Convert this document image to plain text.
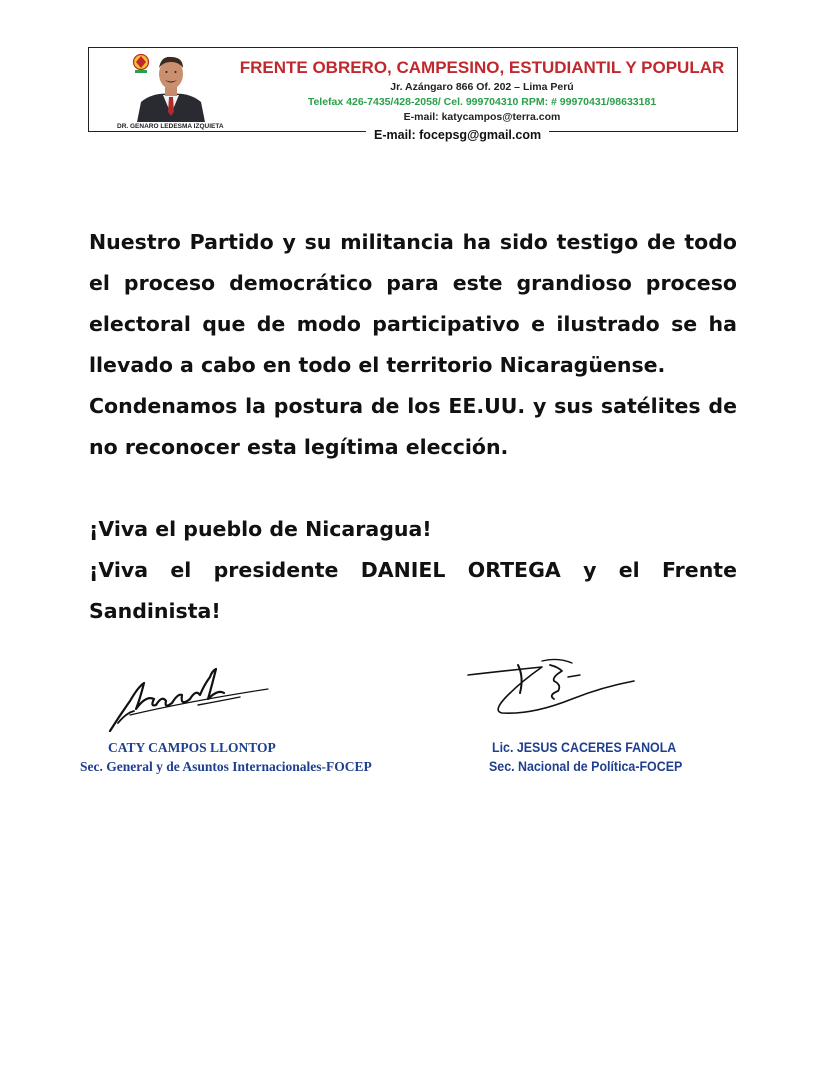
DR. GENARO LEDESMA IZQUIETA
FRENTE OBRERO, CAMPESINO, ESTUDIANTIL Y POPULAR
Jr. Azángaro 866 Of. 202 – Lima Perú
Telefax 426-7435/428-2058/ Cel. 999704310 RPM: # 99970431/98633181
E-mail: katycampos@terra.com
E-mail: focepsg@gmail.com

Nuestro Partido y su militancia ha sido testigo de todo el proceso democrático para este grandioso proceso electoral que de modo participativo e ilustrado se ha llevado a cabo en todo el territorio Nicaragüense.

Condenamos la postura de los EE.UU. y sus satélites de no reconocer esta legítima elección.

¡Viva el pueblo de Nicaragua!

¡Viva el presidente DANIEL ORTEGA y el Frente Sandinista!

CATY CAMPOS LLONTOP
Sec. General y de Asuntos Internacionales-FOCEP
Lic. JESUS CACERES FANOLA
Sec. Nacional de Política-FOCEP
